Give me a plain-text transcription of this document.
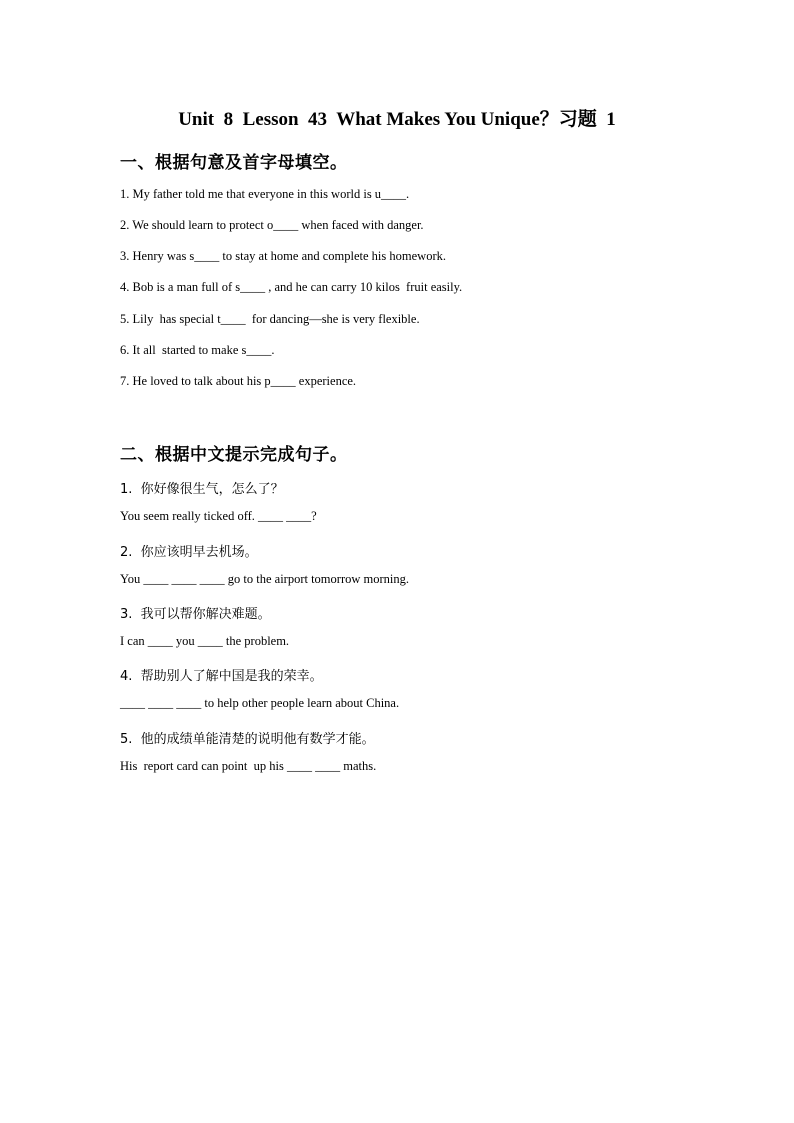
Unit  8  Lesson  43  What Makes You Unique？习题  1
一、根据句意及首字母填空。
1. My father told me that everyone in this world is u____.
2. We should learn to protect o____ when faced with danger.
3. Henry was s____ to stay at home and complete his homework.
4. Bob is a man full of s____ , and he can carry 10 kilos  fruit easily.
5. Lily  has special t____  for dancing—she is very flexible.
6. It all  started to make s____.
7. He loved to talk about his p____ experience.
二、根据中文提示完成句子。
1.  你好像很生气，怎么了？
You seem really ticked off. ____ ____?
2.  你应该明早去机场。
You ____ ____ ____ go to the airport tomorrow morning.
3.  我可以帮你解决难题。
I can ____ you ____ the problem.
4.  帮助别人了解中国是我的荣幸。
____ ____ ____ to help other people learn about China.
5.  他的成绩单能清楚的说明他有数学才能。
His  report card can point  up his ____ ____ maths.
